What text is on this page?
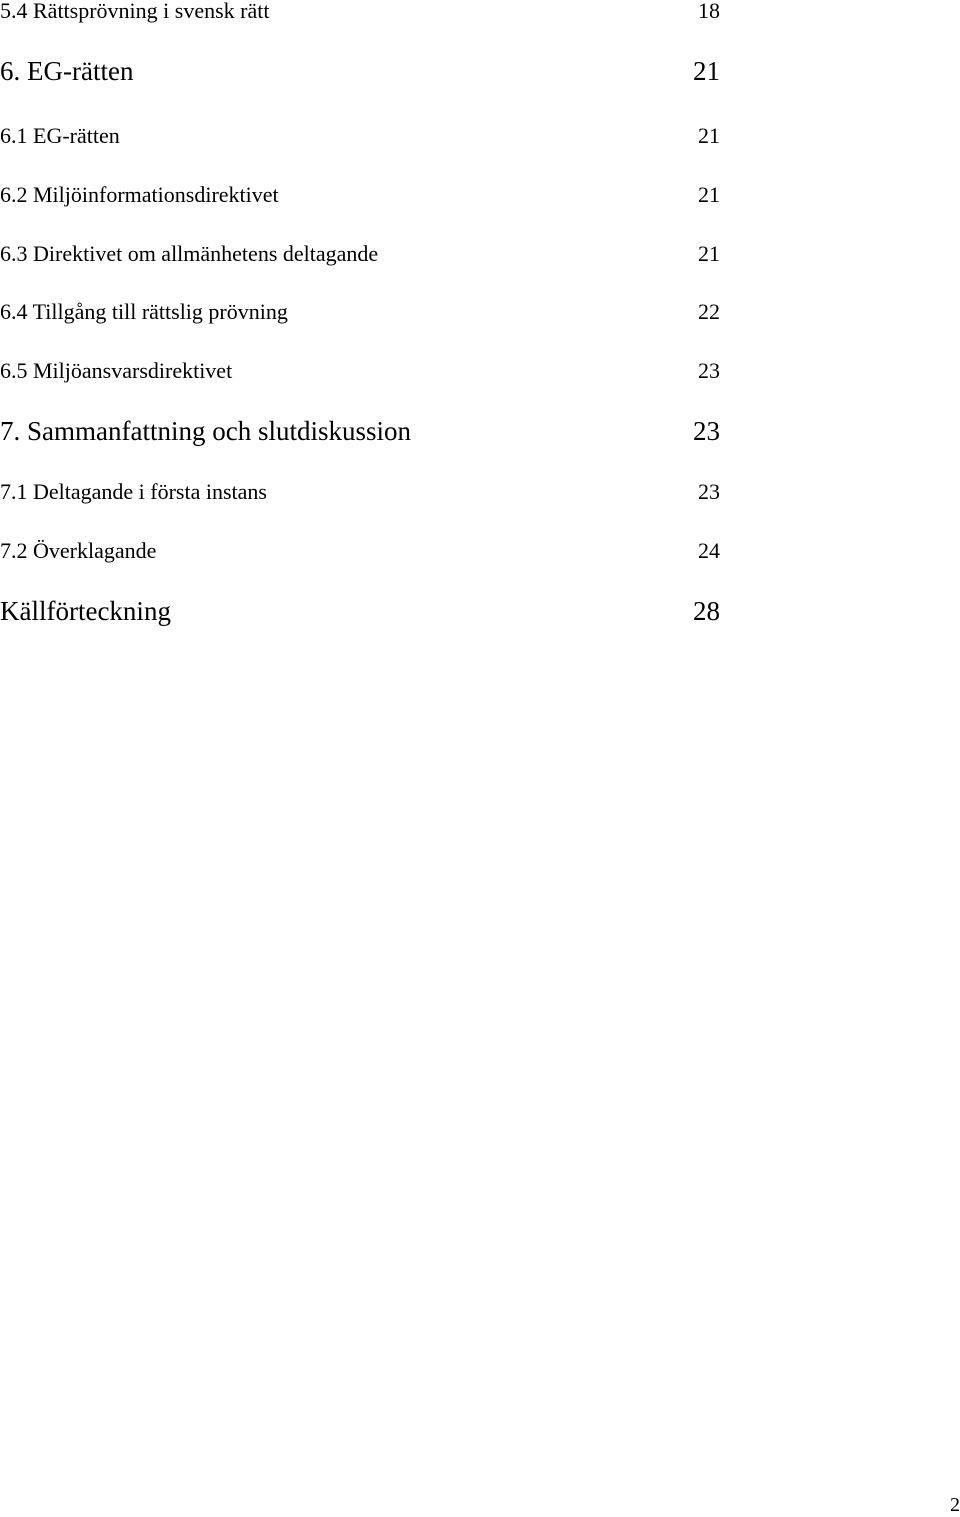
5.4 Rättsprövning i svensk rätt	18
6. EG-rätten	21
6.1 EG-rätten	21
6.2 Miljöinformationsdirektivet	21
6.3 Direktivet om allmänhetens deltagande	21
6.4 Tillgång till rättslig prövning	22
6.5 Miljöansvarsdirektivet	23
7. Sammanfattning och slutdiskussion	23
7.1 Deltagande i första instans	23
7.2 Överklagande	24
Källförteckning	28
2
